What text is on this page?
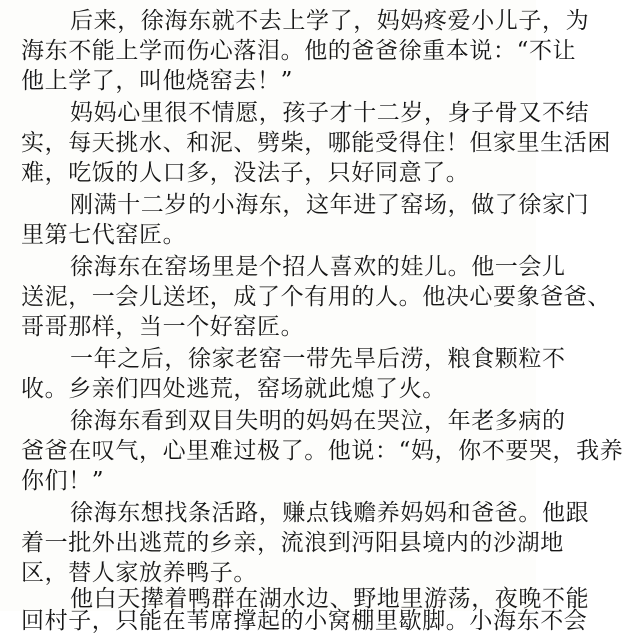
后来，徐海东就不去上学了，妈妈疼爱小儿子，为
海东不能上学而伤心落泪。他的爸爸徐重本说：“不让
他上学了，叫他烧窑去！”
妈妈心里很不情愿，孩子才十二岁，身子骨又不结
实，每天挑水、和泥、劈柴，哪能受得住！但家里生活困
难，吃饭的人口多，没法子，只好同意了。
刚满十二岁的小海东，这年进了窑场，做了徐家门
里第七代窑匠。
徐海东在窑场里是个招人喜欢的娃儿。他一会儿
送泥，一会儿送坯，成了个有用的人。他决心要象爸爸、
哥哥那样，当一个好窑匠。
一年之后，徐家老窑一带先旱后涝，粮食颗粒不
收。乡亲们四处逃荒，窑场就此熄了火。
徐海东看到双目失明的妈妈在哭泣，年老多病的
爸爸在叹气，心里难过极了。他说：“妈，你不要哭，我养
你们！”
徐海东想找条活路，赚点钱赡养妈妈和爸爸。他跟
着一批外出逃荒的乡亲，流浪到沔阳县境内的沙湖地
区，替人家放养鸭子。
他白天撵着鸭群在湖水边、野地里游荡，夜晚不能
回村子，只能在苇席撑起的小窝棚里歇脚。小海东不会
